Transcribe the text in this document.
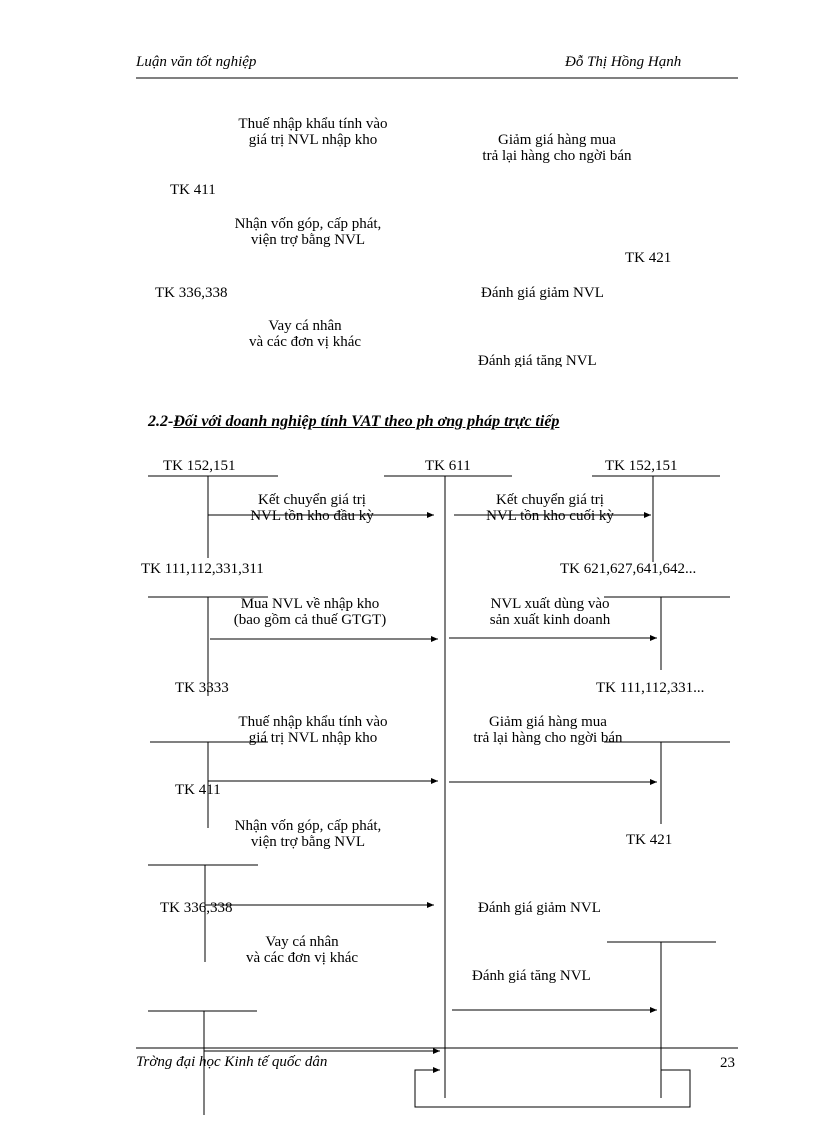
Luận văn tốt nghiệp	Đỗ Thị Hồng Hạnh
Thuế nhập khẩu tính vào
giá trị NVL nhập kho	Giảm giá hàng mua
trả lại hàng cho ngời bán
TK 411
Nhận vốn góp, cấp phát,
viện trợ bằng NVL
TK 421
TK 336,338	Đánh giá giảm NVL
Vay cá nhân
và các đơn vị khác
Đánh giá tăng NVL
2.2-Đối với doanh nghiệp tính VAT theo ph ơng pháp trực tiếp
TK 152,151	TK 611	TK 152,151
Kết chuyển giá trị
NVL tồn kho đầu kỳ
Kết chuyển giá trị
NVL tồn kho cuối kỳ
TK 111,112,331,311	TK 621,627,641,642...
Mua NVL về nhập kho
(bao gồm cả thuế GTGT)
NVL xuất dùng vào
sản xuất kinh doanh
TK 3333	TK 111,112,331...
Thuế nhập khẩu tính vào
giá trị NVL nhập kho
Giảm giá hàng mua
trả lại hàng cho ngời bán
TK 411
Nhận vốn góp, cấp phát,
viện trợ bằng NVL	TK 421
TK 336,338	Đánh giá giảm NVL
Vay cá nhân
và các đơn vị khác
Đánh giá tăng NVL
Trờng đại học Kinh tế quốc dân	23
